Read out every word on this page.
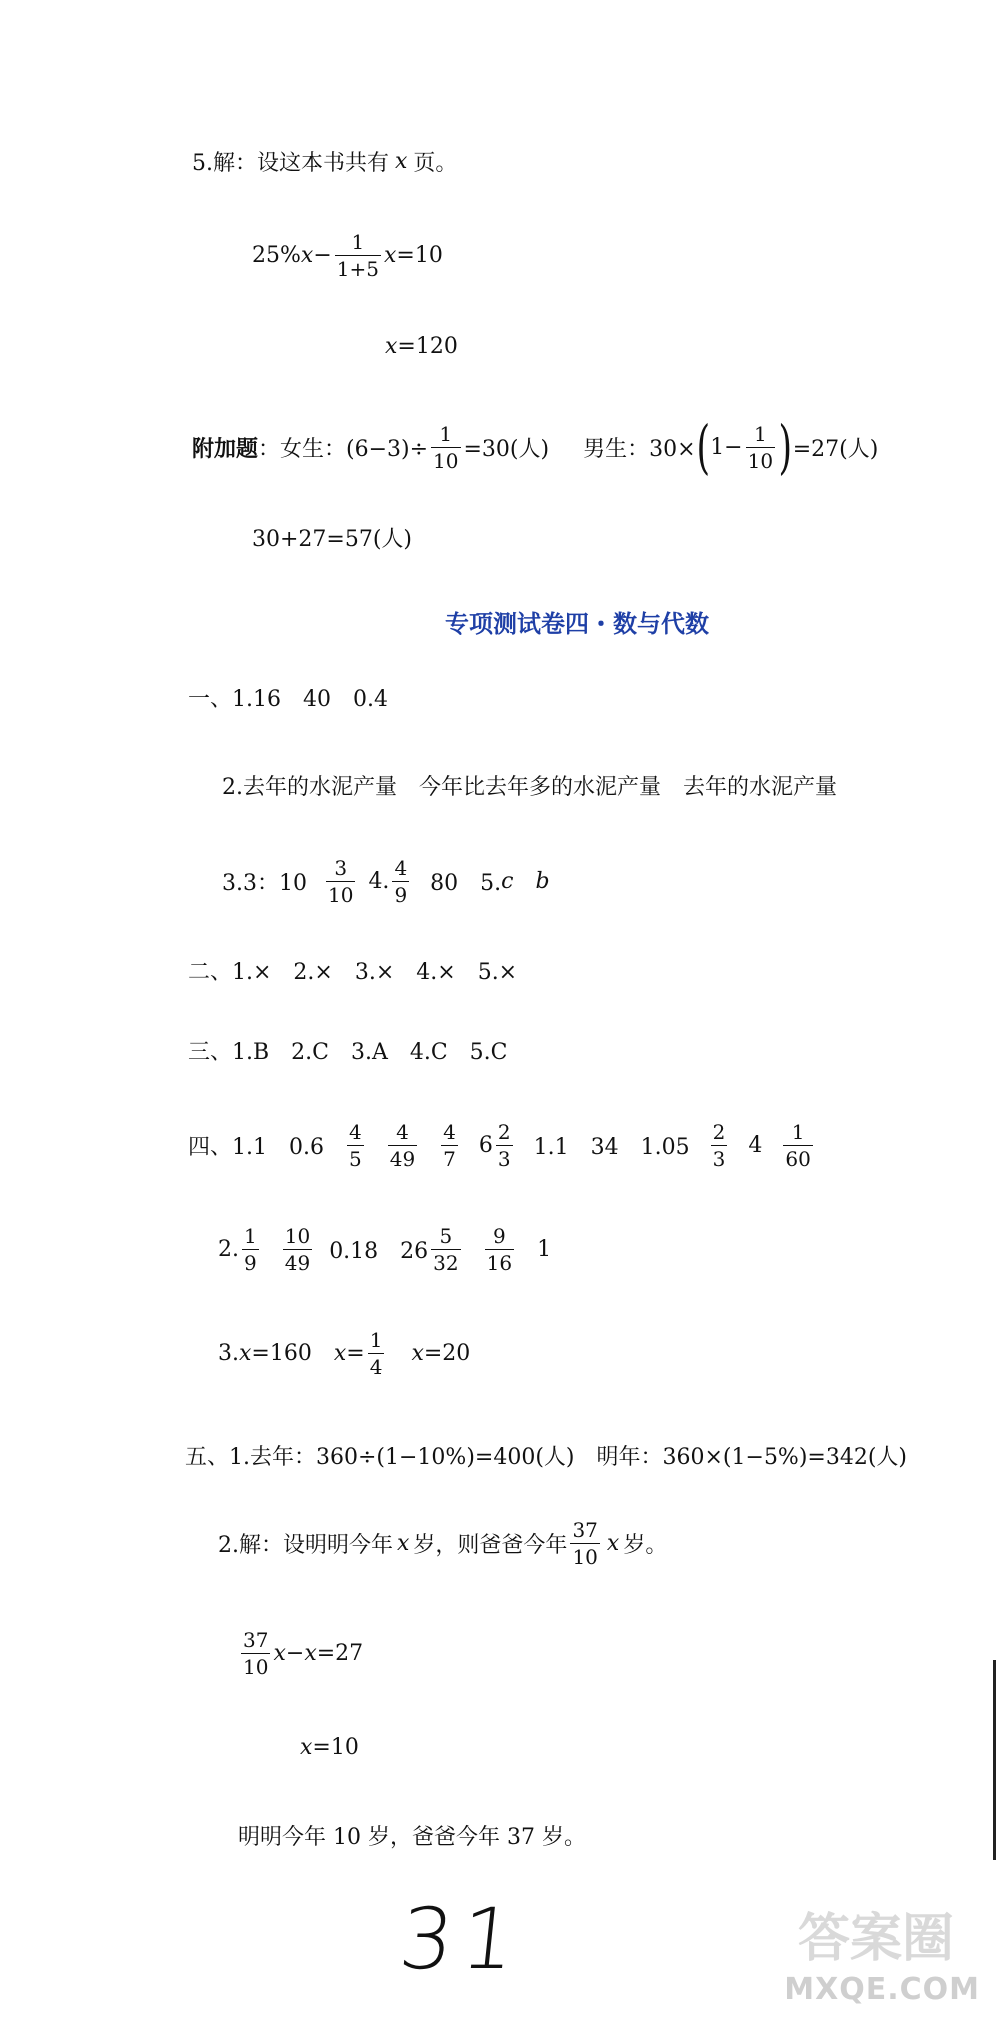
5.解：设这本书共有 x 页。
25% $x - \frac{1}{1+5}$ x =10
x =120
附加题 ：女生：$(6-3)\div \frac{1}{10} =30$(人) 男生：30× ( $1- \frac{1}{10}$ ) =27(人)
30+27=57(人)
专项测试卷四・数与代数
一、1.16　40　0.4
2.去年的水泥产量　今年比去年多的水泥产量　去年的水泥产量
3.3：$10 \frac{3}{10} 4$. $\frac{4}{9} 80$　5. c b
二、1.×　2.×　3.×　4.×　5.×
三、1.B　2.C　3.A　4.C　5.C
四、1.1　$0.6 \frac{4}{5} \frac{4}{49} \frac{4}{7} 6 \frac{2}{3} 1.1$　34　$1.05 \frac{2}{3} 4 \frac{1}{60}$
2. $\frac{1}{9} \frac{10}{49} 0.18$　$26 \frac{5}{32} \frac{9}{16} 1$
3. x =160 $x = \frac{1}{4}$ x =20
五、1.去年：360÷(1−10%)=400(人)　明年：360×(1−5%)=342(人)
2.解：设明明今年 x 岁，则爸爸今年 $\frac{37}{10}$ x 岁。
$\frac{37}{10}$ x − x =27
x =10
明明今年 10 岁，爸爸今年 37 岁。
31	答案圈
MXQE.COM
